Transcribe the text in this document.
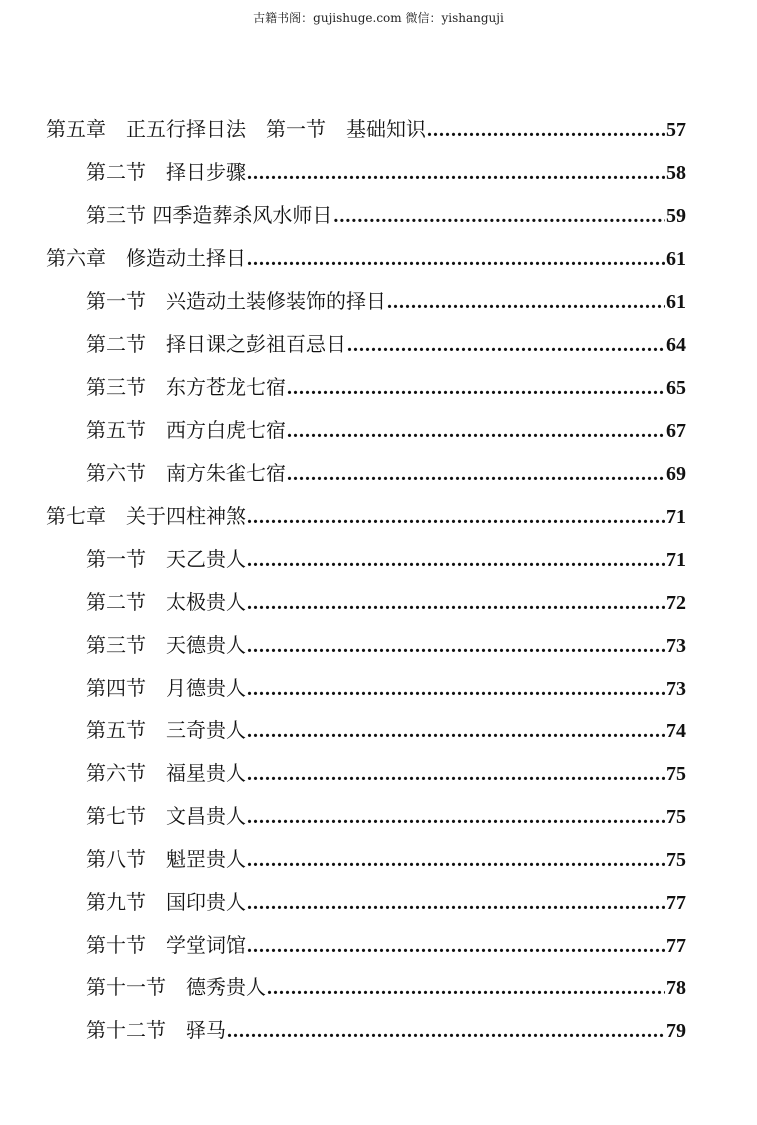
古籍书阁：gujishuge.com 微信：yishanguji
第五章　正五行择日法　第一节　基础知识 .....	57
第二节　择日步骤 .....	58
第三节 四季造葬杀风水师日 .....	59
第六章　修造动土择日 .....	61
第一节　兴造动土装修装饰的择日 .....	61
第二节　择日课之彭祖百忌日 .....	64
第三节　东方苍龙七宿 .....	65
第五节　西方白虎七宿 .....	67
第六节　南方朱雀七宿 .....	69
第七章　关于四柱神煞 .....	71
第一节　天乙贵人 .....	71
第二节　太极贵人 .....	72
第三节　天德贵人 .....	73
第四节　月德贵人 .....	73
第五节　三奇贵人 .....	74
第六节　福星贵人 .....	75
第七节　文昌贵人 .....	75
第八节　魁罡贵人 .....	75
第九节　国印贵人 .....	77
第十节　学堂词馆 .....	77
第十一节　德秀贵人 .....	78
第十二节　驿马 .....	79
